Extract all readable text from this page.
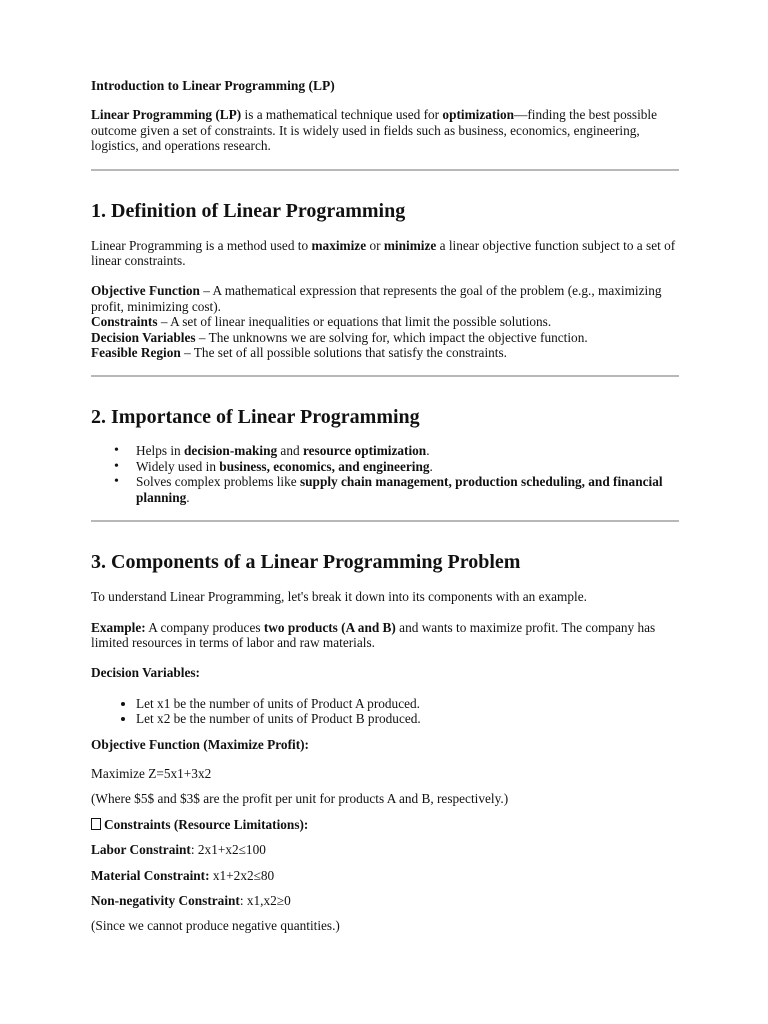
Introduction to Linear Programming (LP)

Linear Programming (LP) is a mathematical technique used for optimization—finding the best possible outcome given a set of constraints. It is widely used in fields such as business, economics, engineering, logistics, and operations research.

1. Definition of Linear Programming

Linear Programming is a method used to maximize or minimize a linear objective function subject to a set of linear constraints.

Objective Function – A mathematical expression that represents the goal of the problem (e.g., maximizing profit, minimizing cost).

Constraints – A set of linear inequalities or equations that limit the possible solutions.

Decision Variables – The unknowns we are solving for, which impact the objective function.

Feasible Region – The set of all possible solutions that satisfy the constraints.

2. Importance of Linear Programming
• Helps in decision-making and resource optimization.
• Widely used in business, economics, and engineering.
• Solves complex problems like supply chain management, production scheduling, and financial planning.
3. Components of a Linear Programming Problem

To understand Linear Programming, let's break it down into its components with an example.

Example: A company produces two products (A and B) and wants to maximize profit. The company has limited resources in terms of labor and raw materials.

Decision Variables:

• Let x1 be the number of units of Product A produced.
• Let x2 be the number of units of Product B produced.

Objective Function (Maximize Profit):

Maximize Z=5x1+3x2

(Where $5$ and $3$ are the profit per unit for products A and B, respectively.)

Constraints (Resource Limitations):

Labor Constraint: 2x1+x2≤100

Material Constraint: x1+2x2≤80

Non-negativity Constraint: x1,x2≥0

(Since we cannot produce negative quantities.)
